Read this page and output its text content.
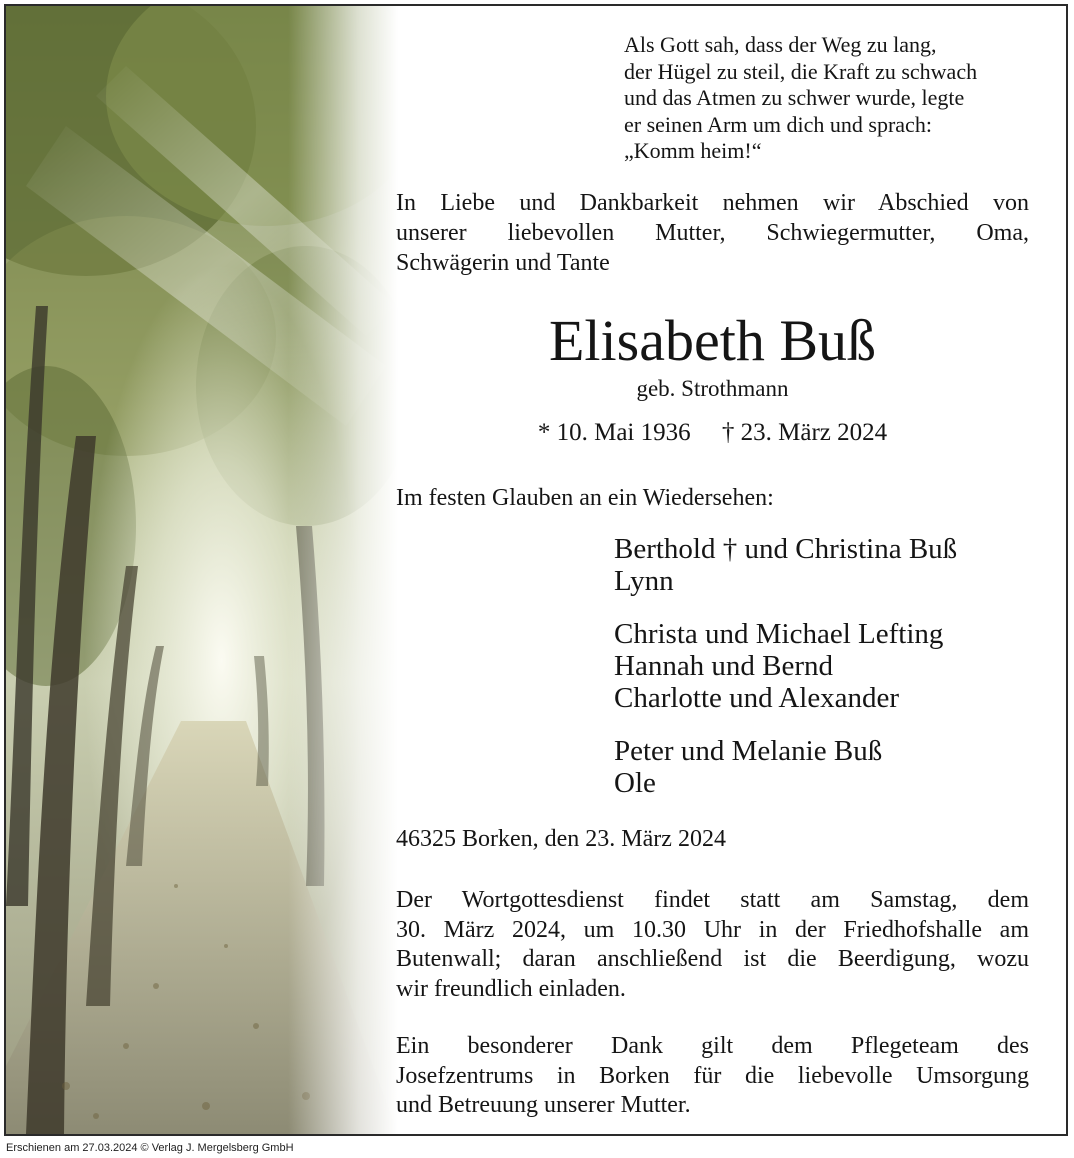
Als Gott sah, dass der Weg zu lang,
der Hügel zu steil, die Kraft zu schwach
und das Atmen zu schwer wurde, legte
er seinen Arm um dich und sprach:
„Komm heim!“
In Liebe und Dankbarkeit nehmen wir Abschied von
unserer liebevollen Mutter, Schwiegermutter, Oma,
Schwägerin und Tante
Elisabeth Buß
geb. Strothmann
* 10. Mai 1936 † 23. März 2024
Im festen Glauben an ein Wiedersehen:
Berthold † und Christina Buß
Lynn
Christa und Michael Lefting
Hannah und Bernd
Charlotte und Alexander
Peter und Melanie Buß
Ole
46325 Borken, den 23. März 2024
Der Wortgottesdienst findet statt am Samstag, dem
30. März 2024, um 10.30 Uhr in der Friedhofshalle am
Butenwall; daran anschließend ist die Beerdigung, wozu
wir freundlich einladen.
Ein besonderer Dank gilt dem Pflegeteam des
Josefzentrums in Borken für die liebevolle Umsorgung
und Betreuung unserer Mutter.
Erschienen am 27.03.2024 © Verlag J. Mergelsberg GmbH
